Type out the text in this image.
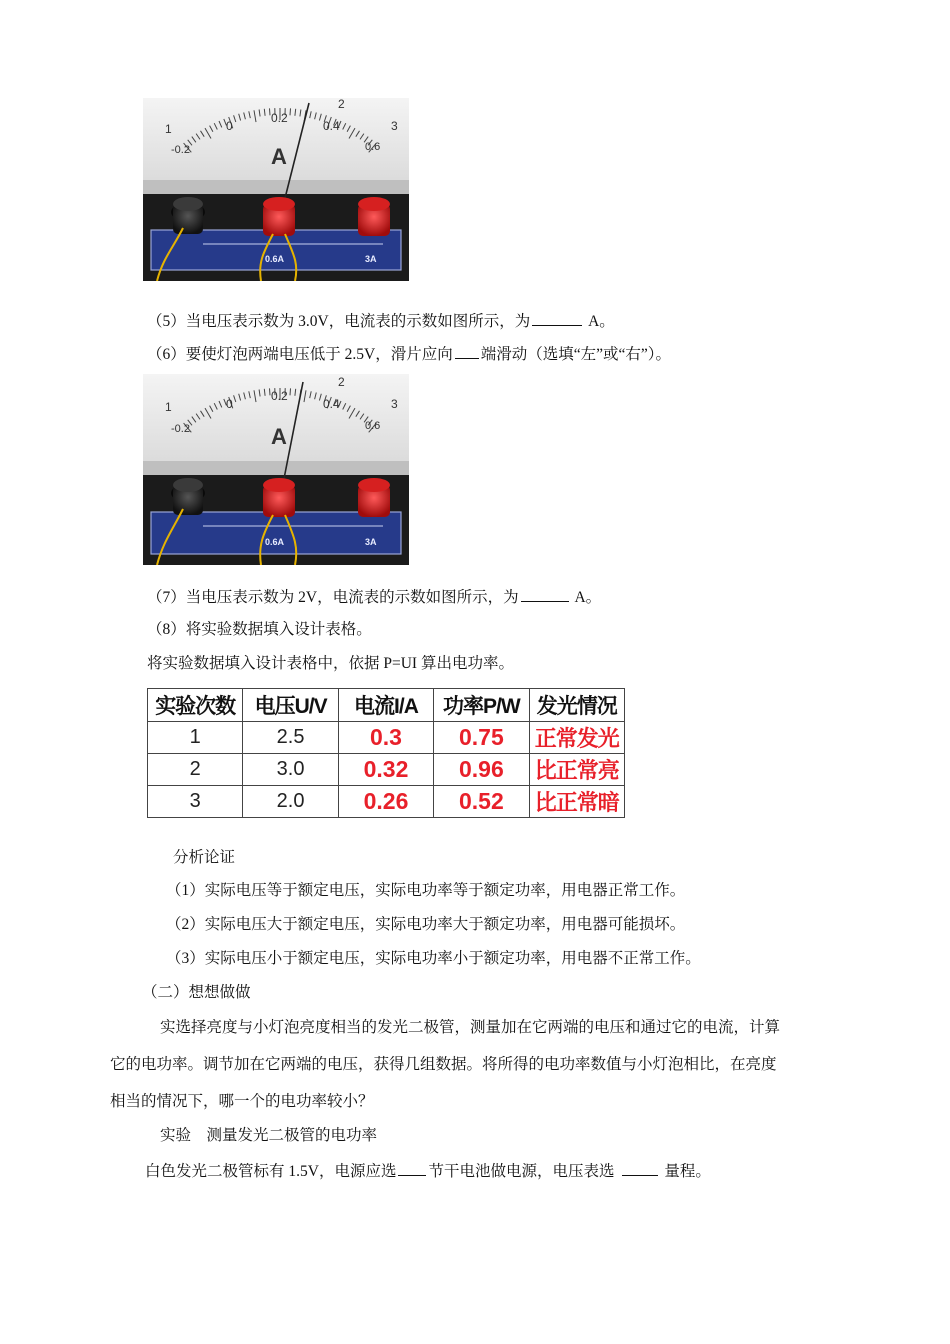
1	0
0.2
2
0.4	3
-0.2	0.6
A
0.6A	3A
（5）当电压表示数为 3.0V，电流表的示数如图所示，为	A。
（6）要使灯泡两端电压低于 2.5V，滑片应向 端滑动（选填“左”或“右”）。
1	0
0.2
2
0.4	3
-0.2	0.6
A
0.6A	3A
（7）当电压表示数为 2V，电流表的示数如图所示，为	A。
（8）将实验数据填入设计表格。
将实验数据填入设计表格中，依据 P=UI 算出电功率。
实验次数	电压U/V	电流I/A	功率P/W	发光情况
1	2.5	0.3	0.75	正常发光
2	3.0	0.32	0.96	比正常亮
3	2.0	0.26	0.52	比正常暗
分析论证
（1）实际电压等于额定电压，实际电功率等于额定功率，用电器正常工作。
（2）实际电压大于额定电压，实际电功率大于额定功率，用电器可能损坏。
（3）实际电压小于额定电压，实际电功率小于额定功率，用电器不正常工作。
（二）想想做做
实选择亮度与小灯泡亮度相当的发光二极管，测量加在它两端的电压和通过它的电流，计算
它的电功率。调节加在它两端的电压，获得几组数据。将所得的电功率数值与小灯泡相比，在亮度
相当的情况下，哪一个的电功率较小？
实验　测量发光二极管的电功率
白色发光二极管标有 1.5V，电源应选 节干电池做电源，电压表选	量程。
